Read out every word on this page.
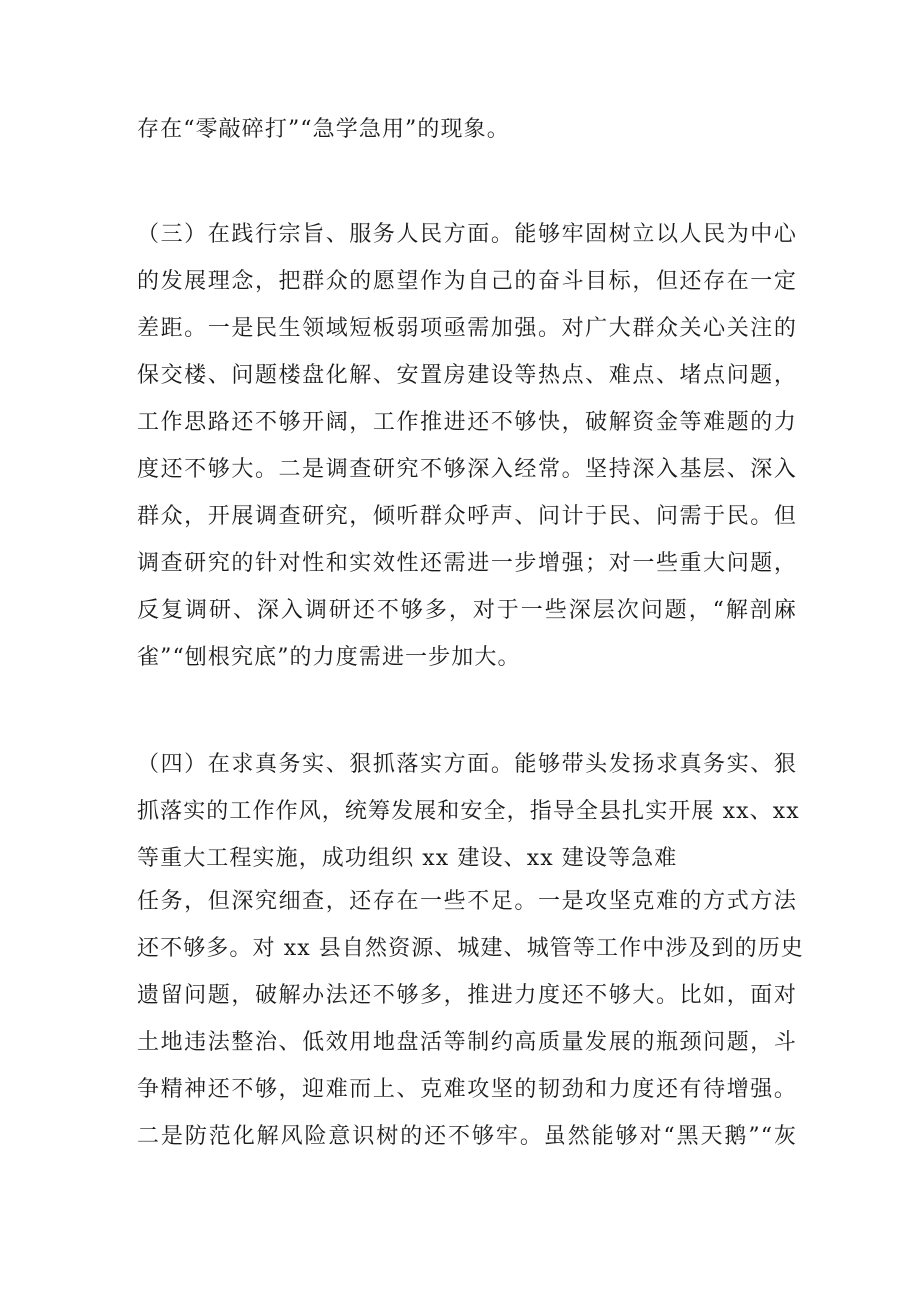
存在“零敲碎打”“急学急用”的现象。
（三）在践行宗旨、服务人民方面。能够牢固树立以人民为中心
的发展理念，把群众的愿望作为自己的奋斗目标，但还存在一定
差距。一是民生领域短板弱项亟需加强。对广大群众关心关注的
保交楼、问题楼盘化解、安置房建设等热点、难点、堵点问题，
工作思路还不够开阔，工作推进还不够快，破解资金等难题的力
度还不够大。二是调查研究不够深入经常。坚持深入基层、深入
群众，开展调查研究，倾听群众呼声、问计于民、问需于民。但
调查研究的针对性和实效性还需进一步增强；对一些重大问题，
反复调研、深入调研还不够多，对于一些深层次问题，“解剖麻
雀”“刨根究底”的力度需进一步加大。
（四）在求真务实、狠抓落实方面。能够带头发扬求真务实、狠
抓落实的工作作风，统筹发展和安全，指导全县扎实开展 xx、xx
等重大工程实施，成功组织 xx 建设、xx 建设等急难
任务，但深究细查，还存在一些不足。一是攻坚克难的方式方法
还不够多。对 xx 县自然资源、城建、城管等工作中涉及到的历史
遗留问题，破解办法还不够多，推进力度还不够大。比如，面对
土地违法整治、低效用地盘活等制约高质量发展的瓶颈问题，斗
争精神还不够，迎难而上、克难攻坚的韧劲和力度还有待增强。
二是防范化解风险意识树的还不够牢。虽然能够对“黑天鹅”“灰
